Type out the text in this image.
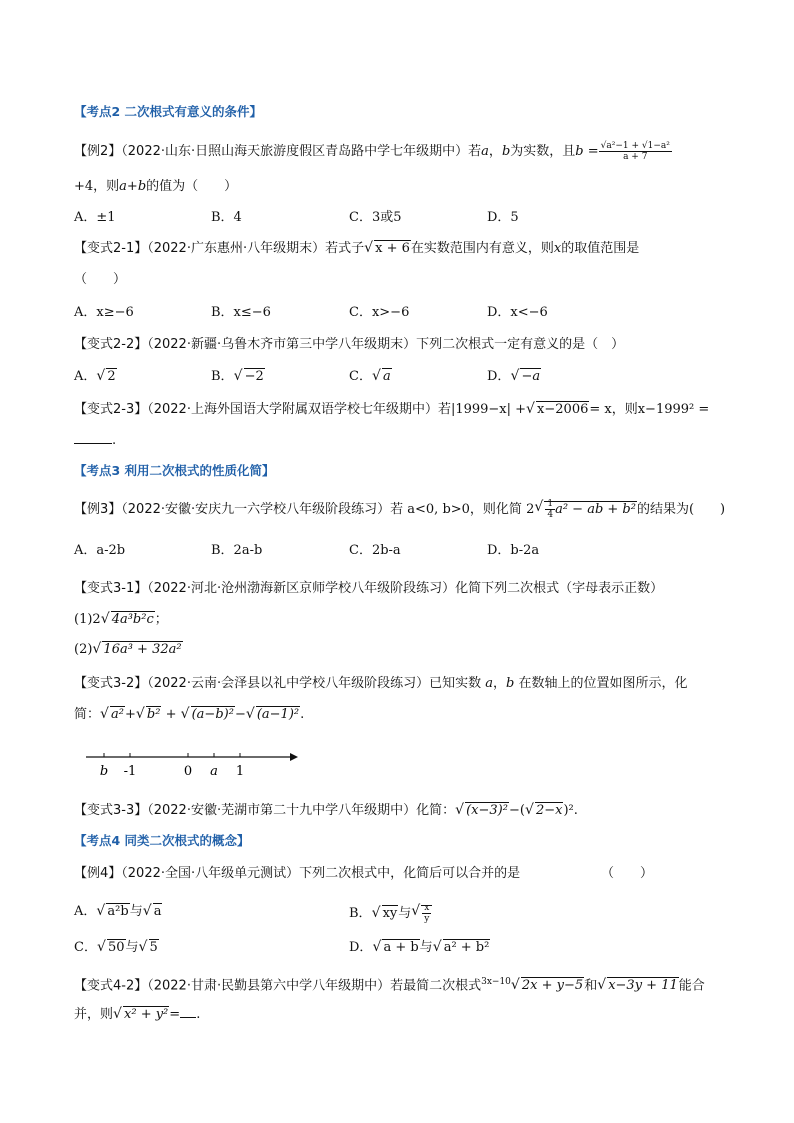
【考点2 二次根式有意义的条件】
【例2】（2022·山东·日照山海天旅游度假区青岛路中学七年级期中）若a，b为实数，且$b = \frac{\text{√a²−1 + √1−a²}}{a + 7}$
+4，则a+b的值为（　　）
A．±1	B．4	C．3或5	D．5
【变式2-1】（2022·广东惠州·八年级期末）若式子 √ x + 6在实数范围内有意义，则x的取值范围是
（　　）
A．x≥−6	B．x≤−6	C．x>−6	D．x<−6
【变式2-2】（2022·新疆·乌鲁木齐市第三中学八年级期末）下列二次根式一定有意义的是（　）
A． √ 2	B． √ −2	C． √ a	D． √ −a
【变式2-3】（2022·上海外国语大学附属双语学校七年级期中）若|1999−x| + √ x−2006= x，则x−1999² =
.
【考点3 利用二次根式的性质化简】
【例3】（2022·安徽·安庆九一六学校八年级阶段练习）若 a<0, b>0，则化简 2 √ $\frac{1}{4} a^2$ − ab + b²的结果为(　　)
A．a-2b	B．2a-b	C．2b-a	D．b-2a
【变式3-1】（2022·河北·沧州渤海新区京师学校八年级阶段练习）化简下列二次根式（字母表示正数）
(1)2 √ 4a³b²c；
(2) √ 16a³ + 32a²
【变式3-2】（2022·云南·会泽县以礼中学校八年级阶段练习）已知实数 a，b 在数轴上的位置如图所示，化
简： √ a²+ √ b² + √ (a−b)²− √ (a−1)².
b -1	0 a 1
【变式3-3】（2022·安徽·芜湖市第二十九中学八年级期中）化简： √ (x−3)²−( √ 2−x)².
【考点4 同类二次根式的概念】
【例4】（2022·全国·八年级单元测试）下列二次根式中，化简后可以合并的是	（　　）
A． √ a²b与 √ a	B． √ xy与 √ $\frac{x}{y}$
C． √ 50与 √ 5	D． √ a + b与 √ a² + b²
【变式4-2】（2022·甘肃·民勤县第六中学八年级期中）若最简二次根式$^{3x-10}$ √ 2x + y−5和 √ x−3y + 11能合
并，则 √ x² + y²= .
